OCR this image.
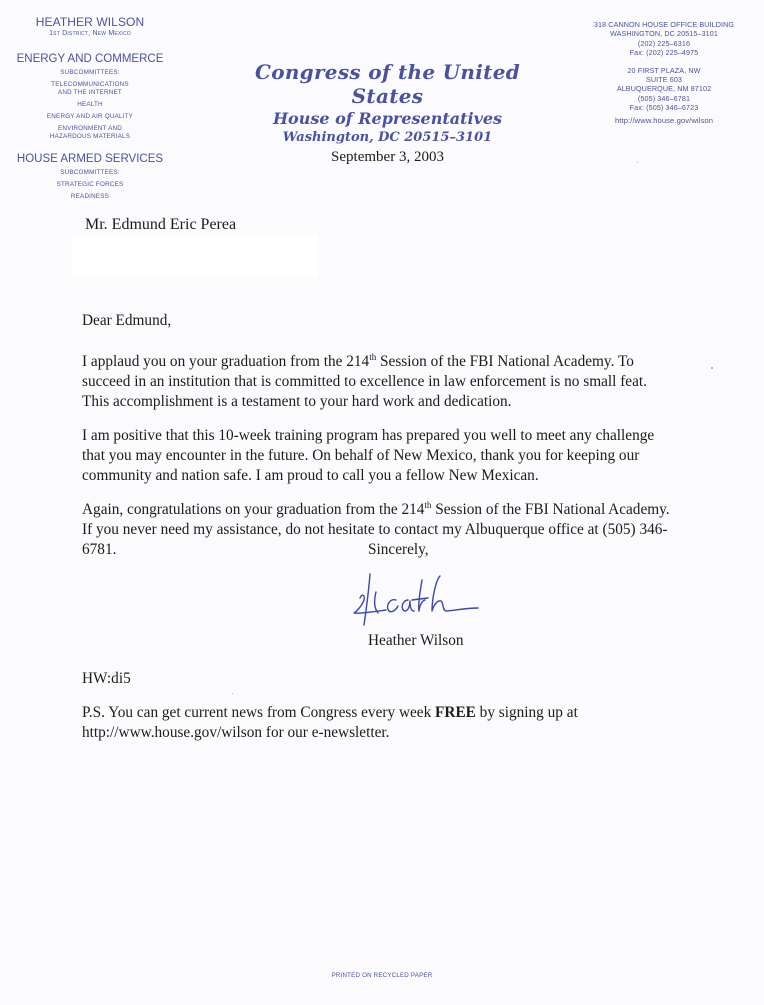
HEATHER WILSON

1st District, New Mexico

ENERGY AND COMMERCE

SUBCOMMITTEES:

TELECOMMUNICATIONS AND THE INTERNET

HEALTH

ENERGY AND AIR QUALITY

ENVIRONMENT AND HAZARDOUS MATERIALS

HOUSE ARMED SERVICES

SUBCOMMITTEES:

STRATEGIC FORCES

READINESS

Congress of the United States

House of Representatives

Washington, DC 20515–3101

September 3, 2003

318 CANNON HOUSE OFFICE BUILDING

WASHINGTON, DC 20515–3101

(202) 225–6316

Fax: (202) 225–4975

20 FIRST PLAZA, NW

SUITE 603

ALBUQUERQUE, NM 87102

(505) 346–6781

Fax: (505) 346–6723

http://www.house.gov/wilson

Mr. Edmund Eric Perea
Dear Edmund,
I applaud you on your graduation from the 214th Session of the FBI National Academy. To
succeed in an institution that is committed to excellence in law enforcement is no small feat.
This accomplishment is a testament to your hard work and dedication.
I am positive that this 10-week training program has prepared you well to meet any challenge
that you may encounter in the future. On behalf of New Mexico, thank you for keeping our
community and nation safe. I am proud to call you a fellow New Mexican.
Again, congratulations on your graduation from the 214th Session of the FBI National Academy.
If you never need my assistance, do not hesitate to contact my Albuquerque office at (505) 346-
6781.	Sincerely,
Heather Wilson
HW:di5
P.S. You can get current news from Congress every week FREE by signing up at
http://www.house.gov/wilson for our e-newsletter.
PRINTED ON RECYCLED PAPER
